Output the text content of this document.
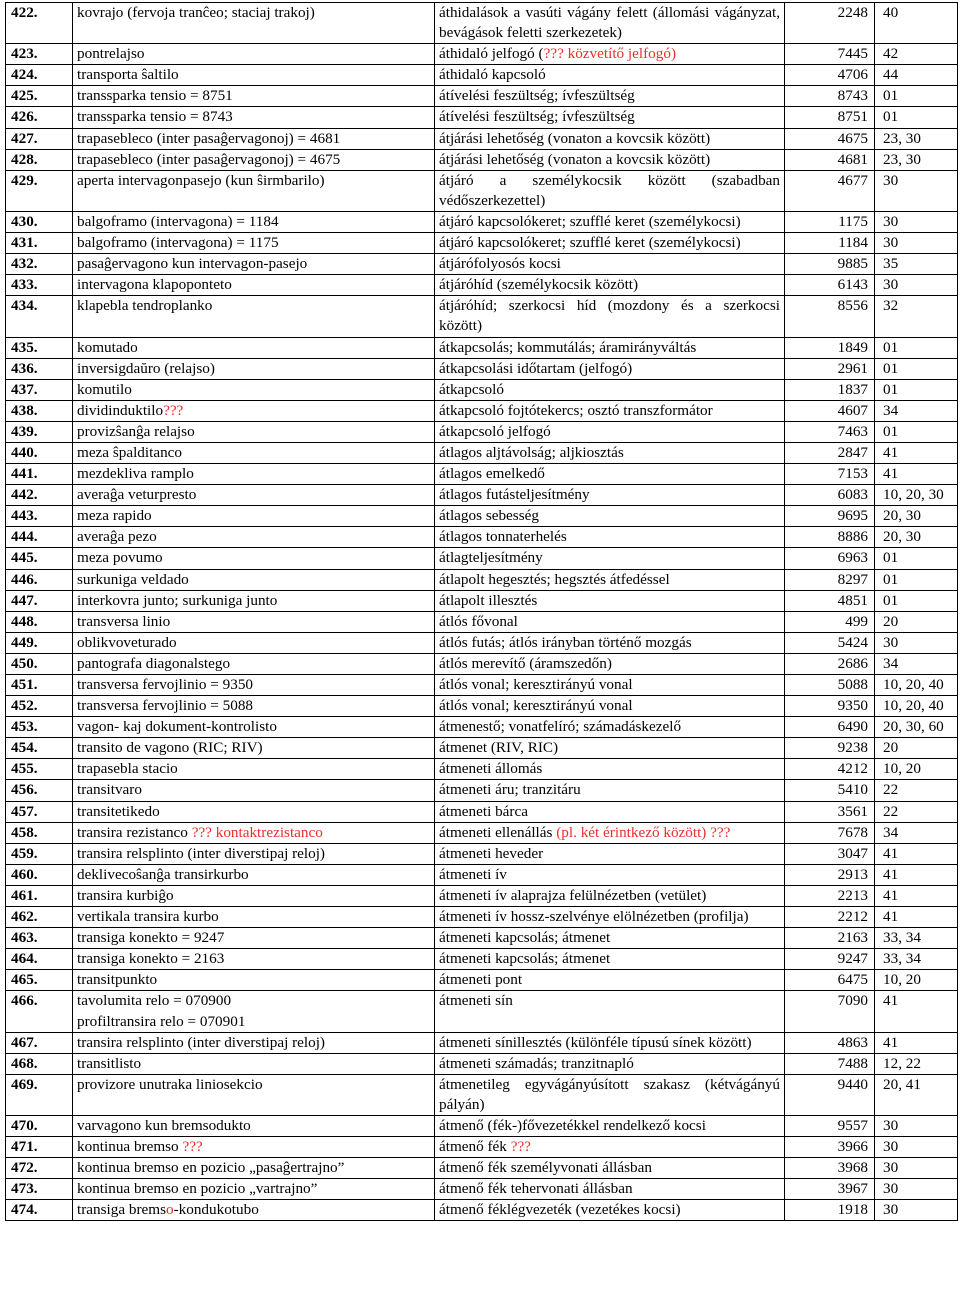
422.	kovrajo (fervoja tranĉeo; staciaj trakoj)	áthidalások a vasúti vágány felett (állomási vágányzat, bevágások feletti szerkezetek)	2248	40
423.	pontrelajso	áthidaló jelfogó (??? közvetítő jelfogó)	7445	42
424.	transporta ŝaltilo	áthidaló kapcsoló	4706	44
425.	transsparka tensio = 8751	átívelési feszültség; ívfeszültség	8743	01
426.	transsparka tensio = 8743	átívelési feszültség; ívfeszültség	8751	01
427.	trapasebleco (inter pasaĝervagonoj) = 4681	átjárási lehetőség (vonaton a kovcsik között)	4675	23, 30
428.	trapasebleco (inter pasaĝervagonoj) = 4675	átjárási lehetőség (vonaton a kovcsik között)	4681	23, 30
429.	aperta intervagonpasejo (kun ŝirmbarilo)	átjáró a személykocsik között (szabadban védőszerkezettel)	4677	30
430.	balgoframo (intervagona) = 1184	átjáró kapcsolókeret; szufflé keret (személykocsi)	1175	30
431.	balgoframo (intervagona) = 1175	átjáró kapcsolókeret; szufflé keret (személykocsi)	1184	30
432.	pasaĝervagono kun intervagon-pasejo	átjárófolyosós kocsi	9885	35
433.	intervagona klapoponteto	átjáróhíd (személykocsik között)	6143	30
434.	klapebla tendroplanko	átjáróhíd; szerkocsi híd (mozdony és a szerkocsi között)	8556	32
435.	komutado	átkapcsolás; kommutálás; áramirányváltás	1849	01
436.	inversigdaŭro (relajso)	átkapcsolási időtartam (jelfogó)	2961	01
437.	komutilo	átkapcsoló	1837	01
438.	dividinduktilo???	átkapcsoló fojtótekercs; osztó transzformátor	4607	34
439.	provizŝanĝa relajso	átkapcsoló jelfogó	7463	01
440.	meza ŝpalditanco	átlagos aljtávolság; aljkiosztás	2847	41
441.	mezdekliva ramplo	átlagos emelkedő	7153	41
442.	averaĝa veturpresto	átlagos futásteljesítmény	6083	10, 20, 30
443.	meza rapido	átlagos sebesség	9695	20, 30
444.	averaĝa pezo	átlagos tonnaterhelés	8886	20, 30
445.	meza povumo	átlagteljesítmény	6963	01
446.	surkuniga veldado	átlapolt hegesztés; hegsztés átfedéssel	8297	01
447.	interkovra junto; surkuniga junto	átlapolt illesztés	4851	01
448.	transversa linio	átlós fővonal	499	20
449.	oblikvoveturado	átlós futás; átlós irányban történő mozgás	5424	30
450.	pantografa diagonalstego	átlós merevítő (áramszedőn)	2686	34
451.	transversa fervojlinio = 9350	átlós vonal; keresztirányú vonal	5088	10, 20, 40
452.	transversa fervojlinio = 5088	átlós vonal; keresztirányú vonal	9350	10, 20, 40
453.	vagon- kaj dokument-kontrolisto	átmenestő; vonatfelíró; számadáskezelő	6490	20, 30, 60
454.	transito de vagono (RIC; RIV)	átmenet (RIV, RIC)	9238	20
455.	trapasebla stacio	átmeneti állomás	4212	10, 20
456.	transitvaro	átmeneti áru; tranzitáru	5410	22
457.	transitetikedo	átmeneti bárca	3561	22
458.	transira rezistanco ??? kontaktrezistanco	átmeneti ellenállás (pl. két érintkező között) ???	7678	34
459.	transira relsplinto (inter diverstipaj reloj)	átmeneti heveder	3047	41
460.	deklivecoŝanĝa transirkurbo	átmeneti ív	2913	41
461.	transira kurbiĝo	átmeneti ív alaprajza felülnézetben (vetület)	2213	41
462.	vertikala transira kurbo	átmeneti ív hossz-szelvénye elölnézetben (profilja)	2212	41
463.	transiga konekto = 9247	átmeneti kapcsolás; átmenet	2163	33, 34
464.	transiga konekto = 2163	átmeneti kapcsolás; átmenet	9247	33, 34
465.	transitpunkto	átmeneti pont	6475	10, 20
466.	tavolumita relo = 070900
profiltransira relo = 070901	átmeneti sín	7090	41
467.	transira relsplinto (inter diverstipaj reloj)	átmeneti sínillesztés (különféle típusú sínek között)	4863	41
468.	transitlisto	átmeneti számadás; tranzitnapló	7488	12, 22
469.	provizore unutraka liniosekcio	átmenetileg egyvágányúsított szakasz (kétvágányú pályán)	9440	20, 41
470.	varvagono kun bremsodukto	átmenő (fék-)fővezetékkel rendelkező kocsi	9557	30
471.	kontinua bremso ???	átmenő fék ???	3966	30
472.	kontinua bremso en pozicio „pasaĝertrajno”	átmenő fék személyvonati állásban	3968	30
473.	kontinua bremso en pozicio „vartrajno”	átmenő fék tehervonati állásban	3967	30
474.	transiga bremso-kondukotubo	átmenő féklégvezeték (vezetékes kocsi)	1918	30
